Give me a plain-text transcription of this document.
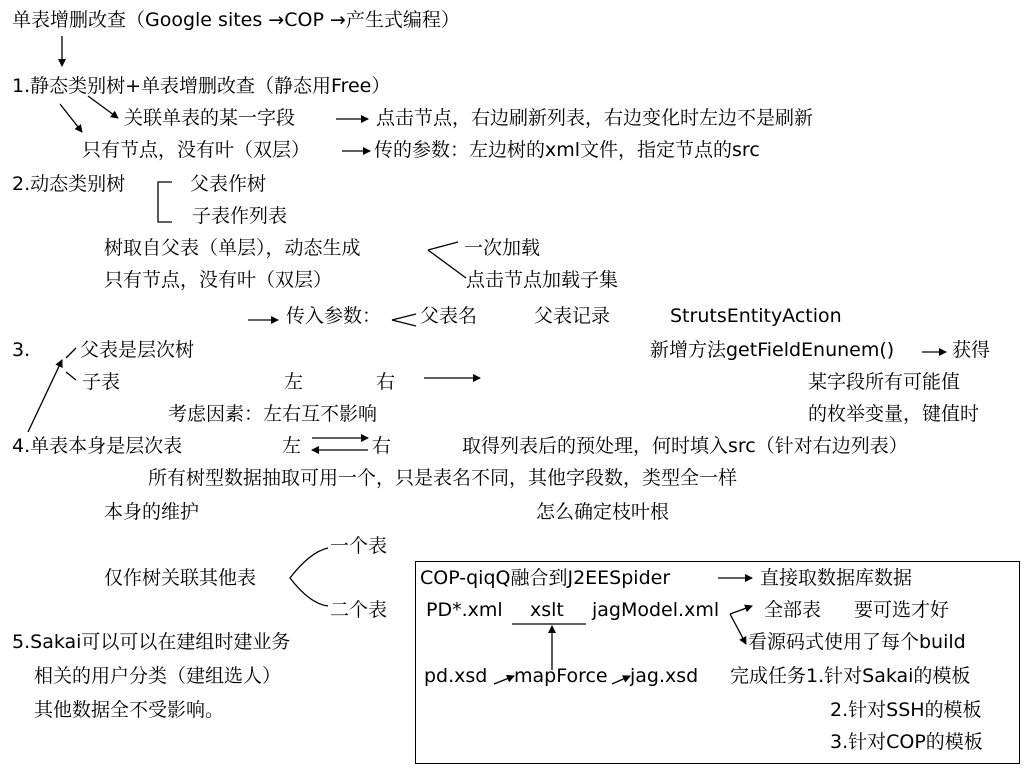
单表增删改查（Google sites →COP →产生式编程）
1.静态类别树+单表增删改查（静态用Free）
关联单表的某一字段	点击节点，右边刷新列表，右边变化时左边不是刷新
只有节点，没有叶（双层）	传的参数：左边树的xml文件，指定节点的src
2.动态类别树	父表作树
子表作列表
树取自父表（单层），动态生成	一次加载
只有节点，没有叶（双层）	点击节点加载子集
传入参数： 父表名	父表记录	StrutsEntityAction
3.	父表是层次树
子表	左	右
考虑因素：左右互不影响
新增方法getFieldEnunem()	获得
某字段所有可能值
的枚举变量，键值时
4.单表本身是层次表	左	右	取得列表后的预处理，何时填入src（针对右边列表）
所有树型数据抽取可用一个，只是表名不同，其他字段数，类型全一样
本身的维护	怎么确定枝叶根
一个表
仅作树关联其他表
二个表
5.Sakai可以可以在建组时建业务
相关的用户分类（建组选人）
其他数据全不受影响。
COP-qiqQ融合到J2EESpider	直接取数据库数据
PD*.xml xslt jagModel.xml 全部表 要可选才好
看源码式使用了每个build
pd.xsd mapForce jag.xsd 完成任务1.针对Sakai的模板
2.针对SSH的模板
3.针对COP的模板
